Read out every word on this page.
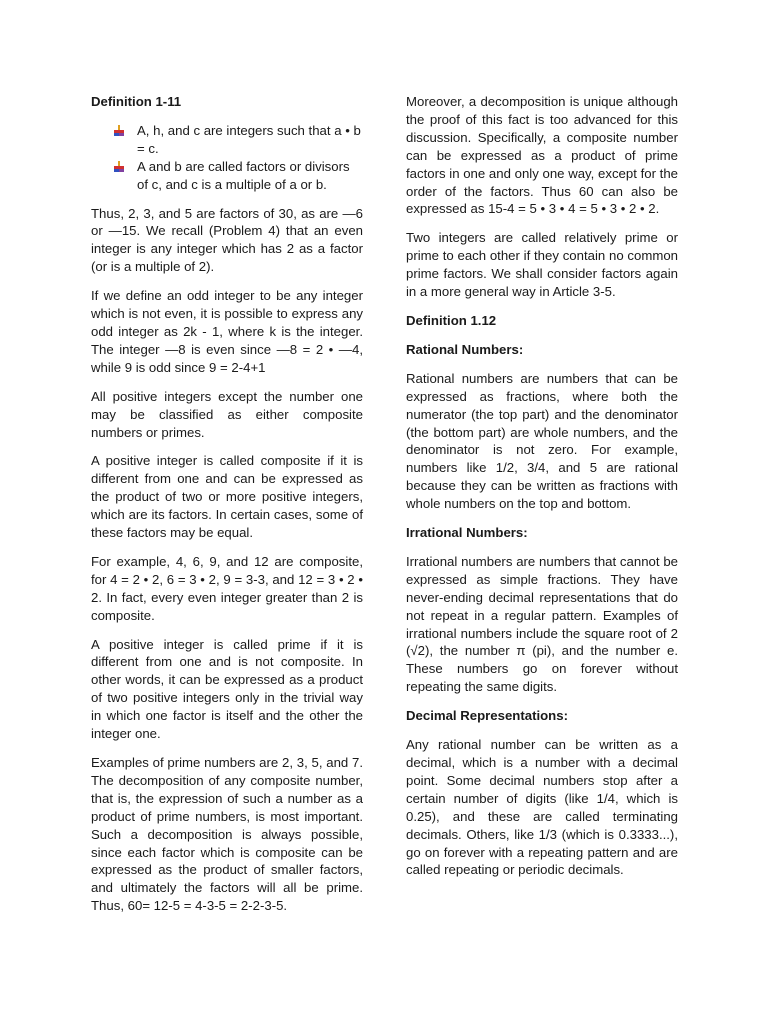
Definition 1-11
A, h, and c are integers such that a • b = c.
A and b are called factors or divisors of c, and c is a multiple of a or b.

Thus, 2, 3, and 5 are factors of 30, as are —6 or —15. We recall (Problem 4) that an even integer is any integer which has 2 as a factor (or is a multiple of 2).

If we define an odd integer to be any integer which is not even, it is possible to express any odd integer as 2k - 1, where k is the integer. The integer —8 is even since —8 = 2 • —4, while 9 is odd since 9 = 2-4+1

All positive integers except the number one may be classified as either composite numbers or primes.

A positive integer is called composite if it is different from one and can be expressed as the product of two or more positive integers, which are its factors. In certain cases, some of these factors may be equal.

For example, 4, 6, 9, and 12 are composite, for 4 = 2 • 2, 6 = 3 • 2, 9 = 3-3, and 12 = 3 • 2 • 2. In fact, every even integer greater than 2 is composite.

A positive integer is called prime if it is different from one and is not composite. In other words, it can be expressed as a product of two positive integers only in the trivial way in which one factor is itself and the other the integer one.

Examples of prime numbers are 2, 3, 5, and 7. The decomposition of any composite number, that is, the expression of such a number as a product of prime numbers, is most important. Such a decomposition is always possible, since each factor which is composite can be expressed as the product of smaller factors, and ultimately the factors will all be prime. Thus, 60= 12-5 = 4-3-5 = 2-2-3-5.

Moreover, a decomposition is unique although the proof of this fact is too advanced for this discussion. Specifically, a composite number can be expressed as a product of prime factors in one and only one way, except for the order of the factors. Thus 60 can also be expressed as 15-4 = 5 • 3 • 4 = 5 • 3 • 2 • 2.

Two integers are called relatively prime or prime to each other if they contain no common prime factors. We shall consider factors again in a more general way in Article 3-5.

Definition 1.12
Rational Numbers:

Rational numbers are numbers that can be expressed as fractions, where both the numerator (the top part) and the denominator (the bottom part) are whole numbers, and the denominator is not zero. For example, numbers like 1/2, 3/4, and 5 are rational because they can be written as fractions with whole numbers on the top and bottom.

Irrational Numbers:

Irrational numbers are numbers that cannot be expressed as simple fractions. They have never-ending decimal representations that do not repeat in a regular pattern. Examples of irrational numbers include the square root of 2 (√2), the number π (pi), and the number e. These numbers go on forever without repeating the same digits.

Decimal Representations:

Any rational number can be written as a decimal, which is a number with a decimal point. Some decimal numbers stop after a certain number of digits (like 1/4, which is 0.25), and these are called terminating decimals. Others, like 1/3 (which is 0.3333...), go on forever with a repeating pattern and are called repeating or periodic decimals.
